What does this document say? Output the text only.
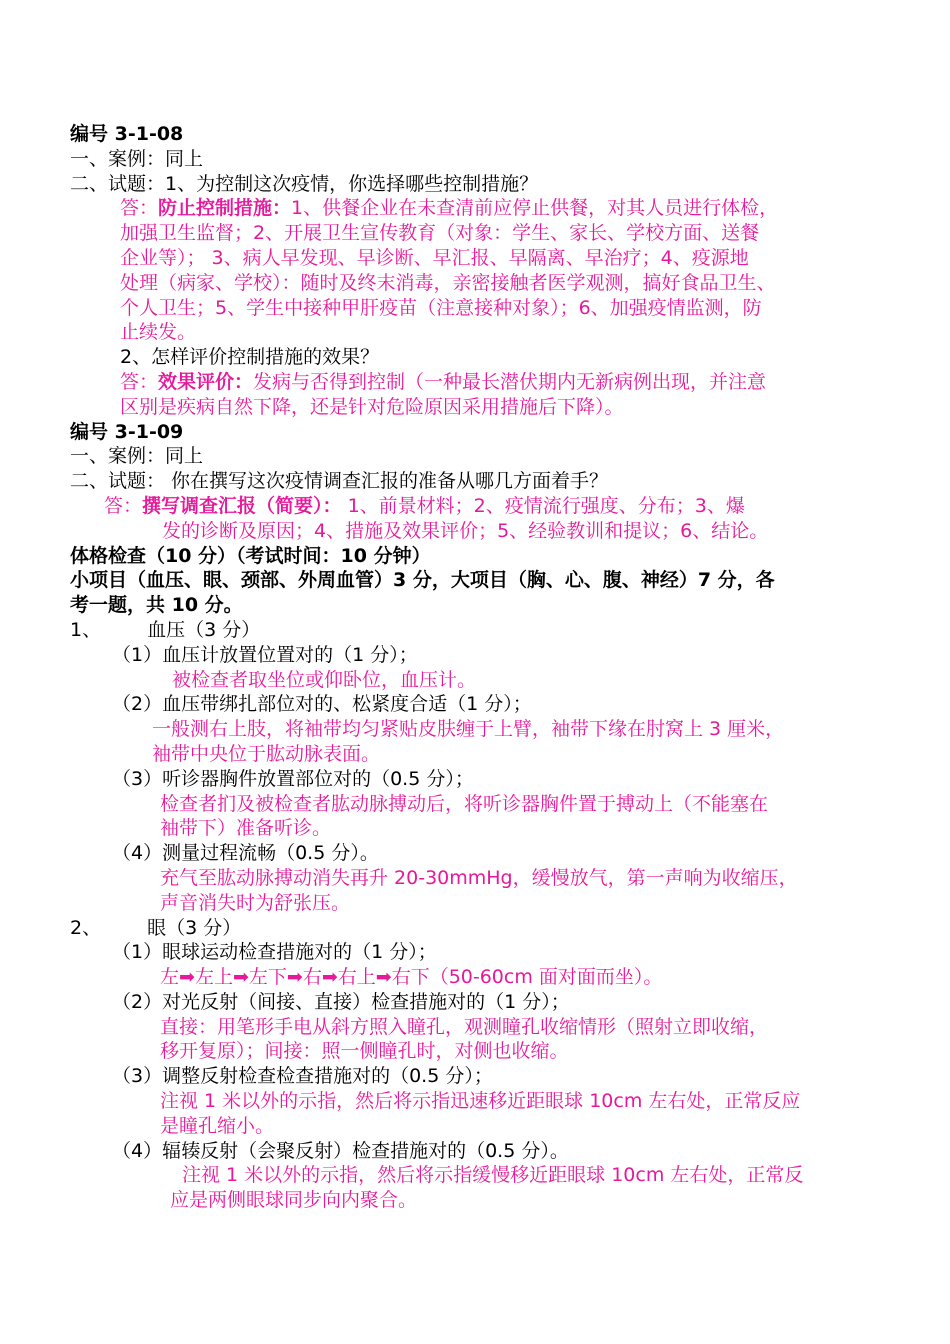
编号 3-1-08
一、案例：同上
二、试题：1、为控制这次疫情，你选择哪些控制措施？
答：防止控制措施：1、供餐企业在未查清前应停止供餐，对其人员进行体检，
加强卫生监督；2、开展卫生宣传教育（对象：学生、家长、学校方面、送餐
企业等）； 3、病人早发现、早诊断、早汇报、早隔离、早治疗；4、疫源地
处理（病家、学校）：随时及终末消毒，亲密接触者医学观测，搞好食品卫生、
个人卫生；5、学生中接种甲肝疫苗（注意接种对象）；6、加强疫情监测，防
止续发。
2、怎样评价控制措施的效果？
答：效果评价：发病与否得到控制（一种最长潜伏期内无新病例出现，并注意
区别是疾病自然下降，还是针对危险原因采用措施后下降）。
编号 3-1-09
一、案例：同上
二、试题： 你在撰写这次疫情调查汇报的准备从哪几方面着手？
答：撰写调查汇报（简要）： 1、前景材料；2、疫情流行强度、分布；3、爆
发的诊断及原因；4、措施及效果评价；5、经验教训和提议；6、结论。
体格检查（10 分）（考试时间：10 分钟）
小项目（血压、眼、颈部、外周血管）3 分，大项目（胸、心、腹、神经）7 分，各
考一题，共 10 分。
1、 血压（3 分）
（1）血压计放置位置对的（1 分）；
被检查者取坐位或仰卧位，血压计。
（2）血压带绑扎部位对的、松紧度合适（1 分）；
一般测右上肢，将袖带均匀紧贴皮肤缠于上臂，袖带下缘在肘窝上 3 厘米，
袖带中央位于肱动脉表面。
（3）听诊器胸件放置部位对的（0.5 分）；
检查者扪及被检查者肱动脉搏动后，将听诊器胸件置于搏动上（不能塞在
袖带下）准备听诊。
（4）测量过程流畅（0.5 分）。
充气至肱动脉搏动消失再升 20-30mmHg，缓慢放气，第一声响为收缩压，
声音消失时为舒张压。
2、 眼（3 分）
（1）眼球运动检查措施对的（1 分）；
左➡左上➡左下➡右➡右上➡右下（50-60cm 面对面而坐）。
（2）对光反射（间接、直接）检查措施对的（1 分）；
直接：用笔形手电从斜方照入瞳孔，观测瞳孔收缩情形（照射立即收缩，
移开复原）；间接：照一侧瞳孔时，对侧也收缩。
（3）调整反射检查检查措施对的（0.5 分）；
注视 1 米以外的示指，然后将示指迅速移近距眼球 10cm 左右处，正常反应
是瞳孔缩小。
（4）辐辏反射（会聚反射）检查措施对的（0.5 分）。
注视 1 米以外的示指，然后将示指缓慢移近距眼球 10cm 左右处，正常反
应是两侧眼球同步向内聚合。
